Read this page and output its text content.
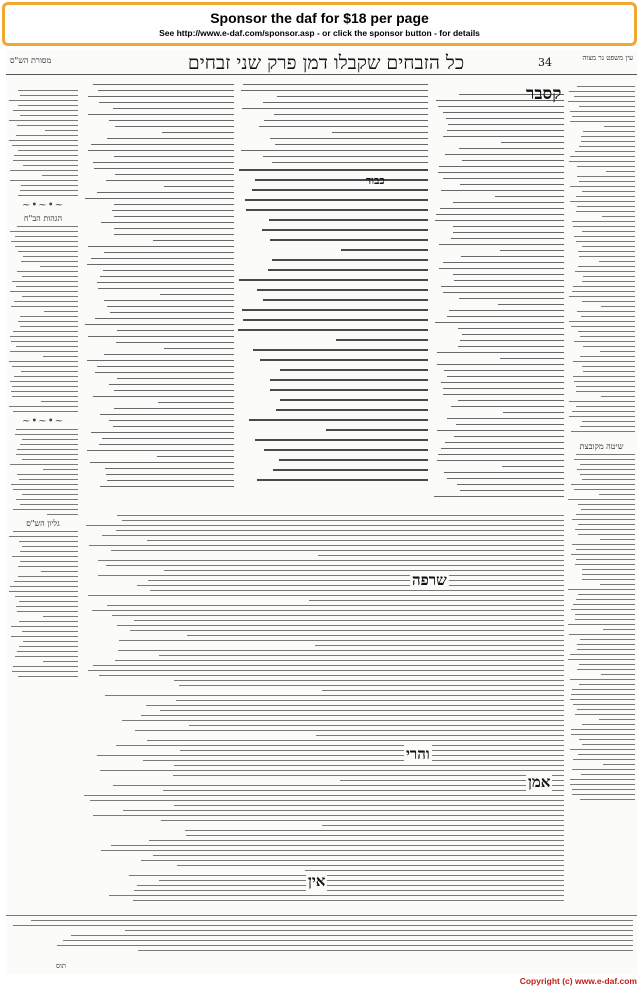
Sponsor the daf for $18 per page
See http://www.e-daf.com/sponsor.asp - or click the sponsor button - for details
מסורת הש"ס	כל הזבחים שקבלו דמן פרק שני זבחים	34	עין משפט נר מצוה
~•~•~
הגהות הב"ח
~•~•~
גליון הש"ס
כבוד
קסבר
שיטה מקובצת
שרפה
והרי
אמן
אין
תוס
Copyright (c) www.e-daf.com
